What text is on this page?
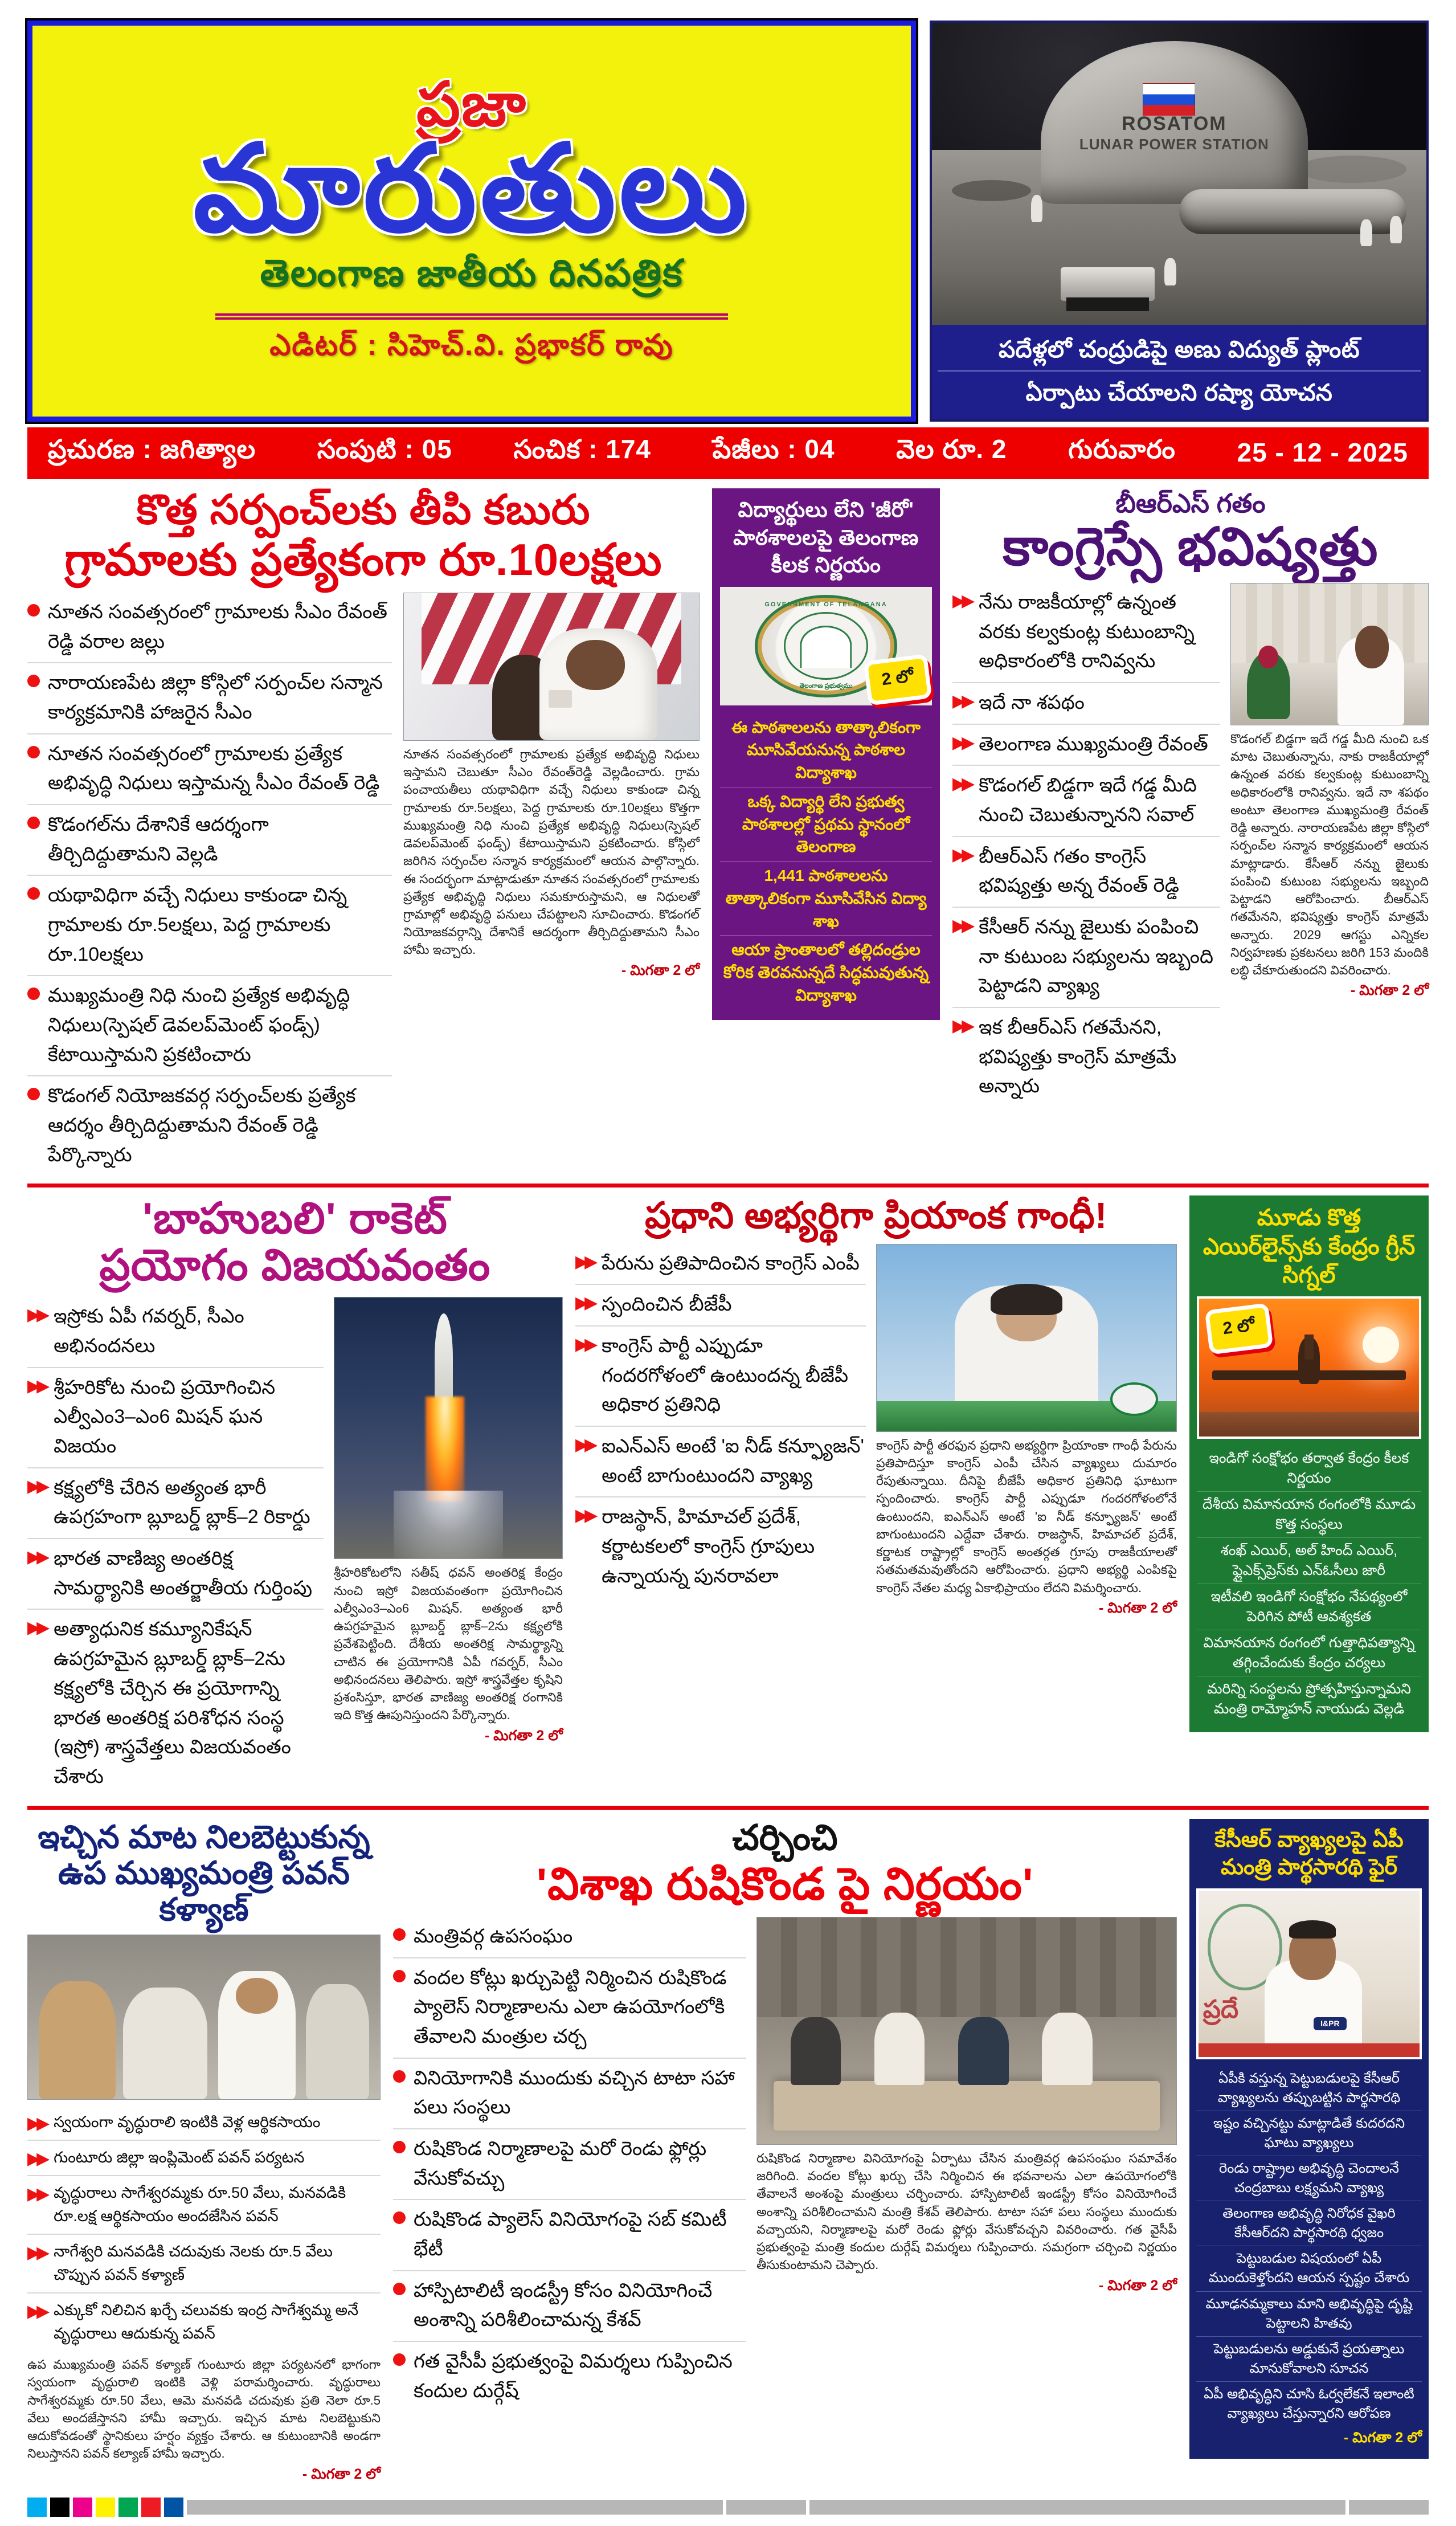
ప్రజా
మారుతులు
తెలంగాణ జాతీయ దినపత్రిక
ఎడిటర్ : సిహెచ్.వి. ప్రభాకర్ రావు
ROSATOM
LUNAR POWER STATION
పదేళ్లలో చంద్రుడిపై అణు విద్యుత్ ప్లాంట్
ఏర్పాటు చేయాలని రష్యా యోచన
ప్రచురణ : జగిత్యాల సంపుటి : 05 సంచిక : 174 పేజీలు : 04 వెల రూ. 2 గురువారం 25 - 12 - 2025
కొత్త సర్పంచ్‌లకు తీపి కబురు
గ్రామాలకు ప్రత్యేకంగా రూ.10లక్షలు
నూతన సంవత్సరంలో గ్రామాలకు సీఎం రేవంత్ రెడ్డి వరాల జల్లు
నారాయణపేట జిల్లా కోస్గిలో సర్పంచ్‌ల సన్మాన కార్యక్రమానికి హాజరైన సీఎం
నూతన సంవత్సరంలో గ్రామాలకు ప్రత్యేక అభివృద్ధి నిధులు ఇస్తామన్న సీఎం రేవంత్ రెడ్డి
కొడంగల్‌ను దేశానికే ఆదర్శంగా తీర్చిదిద్దుతామని వెల్లడి
యథావిధిగా వచ్చే నిధులు కాకుండా చిన్న గ్రామాలకు రూ.5లక్షలు, పెద్ద గ్రామాలకు రూ.10లక్షలు
ముఖ్యమంత్రి నిధి నుంచి ప్రత్యేక అభివృద్ధి నిధులు(స్పెషల్ డెవలప్‌మెంట్ ఫండ్స్) కేటాయిస్తామని ప్రకటించారు
కొడంగల్ నియోజకవర్గ సర్పంచ్‌లకు ప్రత్యేక ఆదర్శం తీర్చిదిద్దుతామని రేవంత్ రెడ్డి పేర్కొన్నారు
నూతన సంవత్సరంలో గ్రామాలకు ప్రత్యేక అభివృద్ధి నిధులు ఇస్తామని చెబుతూ సీఎం రేవంత్‌రెడ్డి వెల్లడించారు. గ్రామ పంచాయతీలు యథావిధిగా వచ్చే నిధులు కాకుండా చిన్న గ్రామాలకు రూ.5లక్షలు, పెద్ద గ్రామాలకు రూ.10లక్షలు కొత్తగా ముఖ్యమంత్రి నిధి నుంచి ప్రత్యేక అభివృద్ధి నిధులు(స్పెషల్ డెవలప్‌మెంట్ ఫండ్స్) కేటాయిస్తామని ప్రకటించారు. కోస్గిలో జరిగిన సర్పంచ్‌ల సన్మాన కార్యక్రమంలో ఆయన పాల్గొన్నారు. ఈ సందర్భంగా మాట్లాడుతూ నూతన సంవత్సరంలో గ్రామాలకు ప్రత్యేక అభివృద్ధి నిధులు సమకూరుస్తామని, ఆ నిధులతో గ్రామాల్లో అభివృద్ధి పనులు చేపట్టాలని సూచించారు. కొడంగల్ నియోజకవర్గాన్ని దేశానికే ఆదర్శంగా తీర్చిదిద్దుతామని సీఎం హామీ ఇచ్చారు.
- మిగతా 2 లో
విద్యార్థులు లేని 'జీరో' పాఠశాలలపై తెలంగాణ కీలక నిర్ణయం
GOVERNMENT OF TELANGANA
తెలంగాణ ప్రభుత్వము	2 లో
ఈ పాఠశాలలను తాత్కాలికంగా మూసివేయనున్న పాఠశాల విద్యాశాఖ
ఒక్క విద్యార్థి లేని ప్రభుత్వ పాఠశాలల్లో ప్రథమ స్థానంలో తెలంగాణ
1,441 పాఠశాలలను తాత్కాలికంగా మూసివేసిన విద్యా శాఖ
ఆయా ప్రాంతాలలో తల్లిదండ్రుల కోరిక తెరవనున్నదే సిద్ధమవుతున్న విద్యాశాఖ
బీఆర్ఎస్ గతం
కాంగ్రెస్సే భవిష్యత్తు
▶▶ నేను రాజకీయాల్లో ఉన్నంత వరకు కల్వకుంట్ల కుటుంబాన్ని అధికారంలోకి రానివ్వను
▶▶ ఇదే నా శపథం
▶▶ తెలంగాణ ముఖ్యమంత్రి రేవంత్
▶▶ కొడంగల్ బిడ్డగా ఇదే గడ్డ మీది నుంచి చెబుతున్నానని సవాల్
▶▶ బీఆర్ఎస్ గతం కాంగ్రెస్ భవిష్యత్తు అన్న రేవంత్ రెడ్డి
▶▶ కేసీఆర్ నన్ను జైలుకు పంపించి నా కుటుంబ సభ్యులను ఇబ్బంది పెట్టాడని వ్యాఖ్య
▶▶ ఇక బీఆర్ఎస్ గతమేనని, భవిష్యత్తు కాంగ్రెస్ మాత్రమే అన్నారు
కొడంగల్ బిడ్డగా ఇదే గడ్డ మీది నుంచి ఒక మాట చెబుతున్నాను, నాకు రాజకీయాల్లో ఉన్నంత వరకు కల్వకుంట్ల కుటుంబాన్ని అధికారంలోకి రానివ్వను. ఇదే నా శపథం అంటూ తెలంగాణ ముఖ్యమంత్రి రేవంత్ రెడ్డి అన్నారు. నారాయణపేట జిల్లా కోస్గిలో సర్పంచ్‌ల సన్మాన కార్యక్రమంలో ఆయన మాట్లాడారు. కేసీఆర్ నన్ను జైలుకు పంపించి కుటుంబ సభ్యులను ఇబ్బంది పెట్టాడని ఆరోపించారు. బీఆర్ఎస్ గతమేనని, భవిష్యత్తు కాంగ్రెస్ మాత్రమే అన్నారు. 2029 ఆగస్టు ఎన్నికల నిర్వహణకు ప్రకటనలు జరిగి 153 మందికి లబ్ధి చేకూరుతుందని వివరించారు.
- మిగతా 2 లో
'బాహుబలి' రాకెట్
ప్రయోగం విజయవంతం
▶▶ ఇస్రోకు ఏపీ గవర్నర్, సీఎం అభినందనలు
▶▶ శ్రీహరికోట నుంచి ప్రయోగించిన ఎల్వీఎం3–ఎం6 మిషన్ ఘన విజయం
▶▶ కక్ష్యలోకి చేరిన అత్యంత భారీ ఉపగ్రహంగా బ్లూబర్డ్ బ్లాక్–2 రికార్డు
▶▶ భారత వాణిజ్య అంతరిక్ష సామర్థ్యానికి అంతర్జాతీయ గుర్తింపు
▶▶ అత్యాధునిక కమ్యూనికేషన్ ఉపగ్రహమైన బ్లూబర్డ్ బ్లాక్–2ను కక్ష్యలోకి చేర్చిన ఈ ప్రయోగాన్ని భారత అంతరిక్ష పరిశోధన సంస్థ (ఇస్రో) శాస్త్రవేత్తలు విజయవంతం చేశారు
శ్రీహరికోటలోని సతీష్ ధవన్ అంతరిక్ష కేంద్రం నుంచి ఇస్రో విజయవంతంగా ప్రయోగించిన ఎల్వీఎం3–ఎం6 మిషన్. అత్యంత భారీ ఉపగ్రహమైన బ్లూబర్డ్ బ్లాక్–2ను కక్ష్యలోకి ప్రవేశపెట్టింది. దేశీయ అంతరిక్ష సామర్థ్యాన్ని చాటిన ఈ ప్రయోగానికి ఏపీ గవర్నర్, సీఎం అభినందనలు తెలిపారు. ఇస్రో శాస్త్రవేత్తల కృషిని ప్రశంసిస్తూ, భారత వాణిజ్య అంతరిక్ష రంగానికి ఇది కొత్త ఊపునిస్తుందని పేర్కొన్నారు.
- మిగతా 2 లో
ప్రధాని అభ్యర్థిగా ప్రియాంక గాంధీ!
▶▶ పేరును ప్రతిపాదించిన కాంగ్రెస్ ఎంపీ
▶▶ స్పందించిన బీజేపీ
▶▶ కాంగ్రెస్ పార్టీ ఎప్పుడూ గందరగోళంలో ఉంటుందన్న బీజేపీ అధికార ప్రతినిధి
▶▶ ఐఎన్ఎస్ అంటే 'ఐ నీడ్ కన్ఫ్యూజన్' అంటే బాగుంటుందని వ్యాఖ్య
▶▶ రాజస్థాన్, హిమాచల్ ప్రదేశ్, కర్ణాటకలలో కాంగ్రెస్ గ్రూపులు ఉన్నాయన్న పునరావలా
కాంగ్రెస్ పార్టీ తరఫున ప్రధాని అభ్యర్థిగా ప్రియాంకా గాంధీ పేరును ప్రతిపాదిస్తూ కాంగ్రెస్ ఎంపీ చేసిన వ్యాఖ్యలు దుమారం రేపుతున్నాయి. దీనిపై బీజేపీ అధికార ప్రతినిధి ఘాటుగా స్పందించారు. కాంగ్రెస్ పార్టీ ఎప్పుడూ గందరగోళంలోనే ఉంటుందని, ఐఎన్ఎస్ అంటే 'ఐ నీడ్ కన్ఫ్యూజన్' అంటే బాగుంటుందని ఎద్దేవా చేశారు. రాజస్థాన్, హిమాచల్ ప్రదేశ్, కర్ణాటక రాష్ట్రాల్లో కాంగ్రెస్ అంతర్గత గ్రూపు రాజకీయాలతో సతమతమవుతోందని ఆరోపించారు. ప్రధాని అభ్యర్థి ఎంపికపై కాంగ్రెస్ నేతల మధ్య ఏకాభిప్రాయం లేదని విమర్శించారు.
- మిగతా 2 లో
మూడు కొత్త ఎయిర్‌లైన్స్‌కు కేంద్రం గ్రీన్ సిగ్నల్
2 లో
ఇండిగో సంక్షోభం తర్వాత కేంద్రం కీలక నిర్ణయం
దేశీయ విమానయాన రంగంలోకి మూడు కొత్త సంస్థలు
శంఖ్ ఎయిర్, అల్ హింద్ ఎయిర్, ఫ్లైఎక్స్‌ప్రెస్‌కు ఎన్ఓసీలు జారీ
ఇటీవలి ఇండిగో సంక్షోభం నేపథ్యంలో పెరిగిన పోటీ ఆవశ్యకత
విమానయాన రంగంలో గుత్తాధిపత్యాన్ని తగ్గించేందుకు కేంద్రం చర్యలు
మరిన్ని సంస్థలను ప్రోత్సహిస్తున్నామని మంత్రి రామ్మోహన్ నాయుడు వెల్లడి
ఇచ్చిన మాట నిలబెట్టుకున్న
ఉప ముఖ్యమంత్రి పవన్ కళ్యాణ్
▶▶ స్వయంగా వృద్ధురాలి ఇంటికి వెళ్ల ఆర్థికసాయం
▶▶ గుంటూరు జిల్లా ఇంప్లిమెంట్ పవన్ పర్యటన
▶▶ వృద్ధురాలు సాగేశ్వరమ్మకు రూ.50 వేలు, మనవడికి రూ.లక్ష ఆర్థికసాయం అందజేసిన పవన్
▶▶ నాగేశ్వరి మనవడికి చదువుకు నెలకు రూ.5 వేలు చొప్పున పవన్ కళ్యాణ్
▶▶ ఎక్కుకో నిలిచిన ఖర్చే చలువకు ఇంద్ర సాగేశ్వమ్మ అనే వృద్ధురాలు ఆదుకున్న పవన్
ఉప ముఖ్యమంత్రి పవన్ కళ్యాణ్ గుంటూరు జిల్లా పర్యటనలో భాగంగా స్వయంగా వృద్ధురాలి ఇంటికి వెళ్లి పరామర్శించారు. వృద్ధురాలు సాగేశ్వరమ్మకు రూ.50 వేలు, ఆమె మనవడి చదువుకు ప్రతి నెలా రూ.5 వేలు అందజేస్తానని హామీ ఇచ్చారు. ఇచ్చిన మాట నిలబెట్టుకుని ఆదుకోవడంతో స్థానికులు హర్షం వ్యక్తం చేశారు. ఆ కుటుంబానికి అండగా నిలుస్తానని పవన్ కల్యాణ్ హామీ ఇచ్చారు.
- మిగతా 2 లో
చర్చించి
'విశాఖ రుషికొండ పై నిర్ణయం'
మంత్రివర్గ ఉపసంఘం
వందల కోట్లు ఖర్చుపెట్టి నిర్మించిన రుషికొండ ప్యాలెస్ నిర్మాణాలను ఎలా ఉపయోగంలోకి తేవాలని మంత్రుల చర్చ
వినియోగానికి ముందుకు వచ్చిన టాటా సహా పలు సంస్థలు
రుషికొండ నిర్మాణాలపై మరో రెండు ఫ్లోర్లు వేసుకోవచ్చు
రుషికొండ ప్యాలెస్ వినియోగంపై సబ్ కమిటీ భేటీ
హాస్పిటాలిటీ ఇండస్ట్రీ కోసం వినియోగించే అంశాన్ని పరిశీలించామన్న కేశవ్
గత వైసీపీ ప్రభుత్వంపై విమర్శలు గుప్పించిన కందుల దుర్గేష్
రుషికొండ నిర్మాణాల వినియోగంపై ఏర్పాటు చేసిన మంత్రివర్గ ఉపసంఘం సమావేశం జరిగింది. వందల కోట్లు ఖర్చు చేసి నిర్మించిన ఈ భవనాలను ఎలా ఉపయోగంలోకి తేవాలనే అంశంపై మంత్రులు చర్చించారు. హాస్పిటాలిటీ ఇండస్ట్రీ కోసం వినియోగించే అంశాన్ని పరిశీలించామని మంత్రి కేశవ్ తెలిపారు. టాటా సహా పలు సంస్థలు ముందుకు వచ్చాయని, నిర్మాణాలపై మరో రెండు ఫ్లోర్లు వేసుకోవచ్చని వివరించారు. గత వైసీపీ ప్రభుత్వంపై మంత్రి కందుల దుర్గేష్ విమర్శలు గుప్పించారు. సమగ్రంగా చర్చించి నిర్ణయం తీసుకుంటామని చెప్పారు.
- మిగతా 2 లో
కేసీఆర్ వ్యాఖ్యలపై ఏపీ మంత్రి పార్థసారథి ఫైర్
ప్రదే
I&PR
ఏపీకి వస్తున్న పెట్టుబడులపై కేసీఆర్ వ్యాఖ్యలను తప్పుబట్టిన పార్థసారథి
ఇష్టం వచ్చినట్టు మాట్లాడితే కుదరదని ఘాటు వ్యాఖ్యలు
రెండు రాష్ట్రాల అభివృద్ధి చెందాలనే చంద్రబాబు లక్ష్యమని వ్యాఖ్య
తెలంగాణ అభివృద్ధి నిరోధక వైఖరి కేసీఆర్‌దని పార్థసారథి ధ్వజం
పెట్టుబడుల విషయంలో ఏపీ ముందుకెళ్తోందని ఆయన స్పష్టం చేశారు
మూఢనమ్మకాలు మాని అభివృద్ధిపై దృష్టి పెట్టాలని హితవు
పెట్టుబడులను అడ్డుకునే ప్రయత్నాలు మానుకోవాలని సూచన
ఏపీ అభివృద్ధిని చూసి ఓర్వలేకనే ఇలాంటి వ్యాఖ్యలు చేస్తున్నారని ఆరోపణ
- మిగతా 2 లో
